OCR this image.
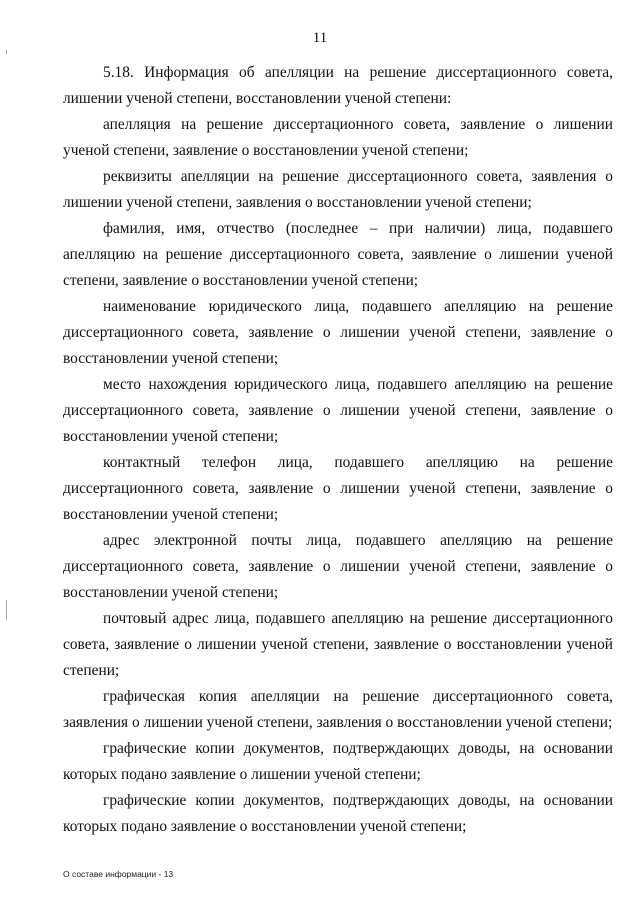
11

5.18. Информация об апелляции на решение диссертационного совета, лишении ученой степени, восстановлении ученой степени:

апелляция на решение диссертационного совета, заявление о лишении ученой степени, заявление о восстановлении ученой степени;

реквизиты апелляции на решение диссертационного совета, заявления о лишении ученой степени, заявления о восстановлении ученой степени;

фамилия, имя, отчество (последнее – при наличии) лица, подавшего апелляцию на решение диссертационного совета, заявление о лишении ученой степени, заявление о восстановлении ученой степени;

наименование юридического лица, подавшего апелляцию на решение диссертационного совета, заявление о лишении ученой степени, заявление о восстановлении ученой степени;

место нахождения юридического лица, подавшего апелляцию на решение диссертационного совета, заявление о лишении ученой степени, заявление о восстановлении ученой степени;

контактный телефон лица, подавшего апелляцию на решение диссертационного совета, заявление о лишении ученой степени, заявление о восстановлении ученой степени;

адрес электронной почты лица, подавшего апелляцию на решение диссертационного совета, заявление о лишении ученой степени, заявление о восстановлении ученой степени;

почтовый адрес лица, подавшего апелляцию на решение диссертационного совета, заявление о лишении ученой степени, заявление о восстановлении ученой степени;

графическая копия апелляции на решение диссертационного совета, заявления о лишении ученой степени, заявления о восстановлении ученой степени;

графические копии документов, подтверждающих доводы, на основании которых подано заявление о лишении ученой степени;

графические копии документов, подтверждающих доводы, на основании которых подано заявление о восстановлении ученой степени;

О составе информации - 13
